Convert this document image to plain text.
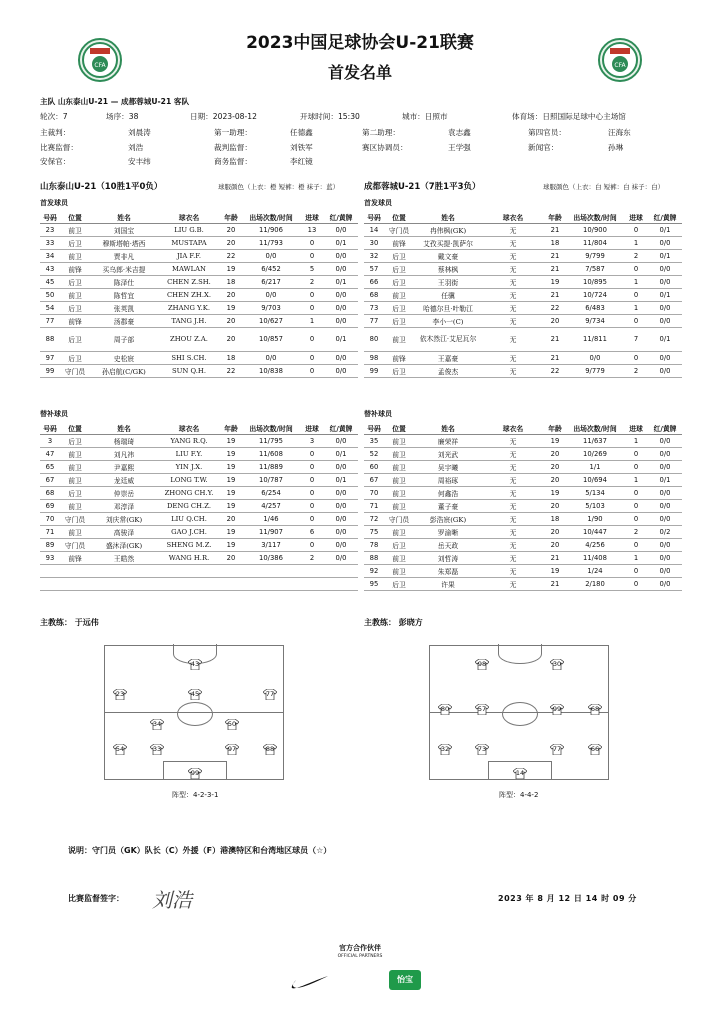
CFA	CFA
2023中国足球协会U-21联赛
首发名单
主队 山东泰山U-21 — 成都蓉城U-21 客队
轮次：7	场序：38	日期：2023-08-12	开球时间：15:30	城市：日照市	体育场：日照国际足球中心主场馆
主裁判：	刘晨涛	第一助理：	任德鑫	第二助理：	袁志鑫	第四官员：	汪海东
比赛监督：	刘浩	裁判监督：	刘铁军	赛区协调员：	王学强	新闻官：	孙琳
安保官：	安丰纬	商务监督：	李红镜
山东泰山U-21（10胜1平0负）	球服颜色（上衣：橙 短裤：橙 袜子：蓝）	成都蓉城U-21（7胜1平3负）	球服颜色（上衣：白 短裤：白 袜子：白）
首发球员	首发球员
号码	位置	姓名	球衣名	年龄	出场次数/时间	进球	红/黄牌
23	前卫	刘国宝	LIU G.B.	20	11/906	13	0/0
33	后卫	穆斯塔帕·塔西	MUSTAPA	20	11/793	0	0/1
34	前卫	贾非凡	JIA F.F.	22	0/0	0	0/0
43	前锋	买乌郎·米吉提	MAWLAN	19	6/452	5	0/0
45	后卫	陈泽仕	CHEN Z.SH.	18	6/217	2	0/1
50	前卫	陈哲宜	CHEN ZH.X.	20	0/0	0	0/0
54	后卫	张英凯	ZHANG Y.K.	19	9/703	0	0/0
77	前锋	汤郡豪	TANG J.H.	20	10/627	1	0/0
88	后卫	周子部	ZHOU Z.A.	20	10/857	0	0/1
97	后卫	史松宸	SHI S.CH.	18	0/0	0	0/0
99	守门员	孙启航(C/GK)	SUN Q.H.	22	10/838	0	0/0
号码	位置	姓名	球衣名	年龄	出场次数/时间	进球	红/黄牌
14	守门员	冉伟枫(GK)	无	21	10/900	0	0/1
30	前锋	艾孜买提·凯萨尔	无	18	11/804	1	0/0
32	后卫	戴文豪	无	21	9/799	2	0/1
57	后卫	蔡林枫	无	21	7/587	0	0/0
66	后卫	王羽街	无	19	10/895	1	0/0
68	前卫	任骥	无	21	10/724	0	0/1
73	后卫	哈德尔旦·叶勒江	无	22	6/483	1	0/0
77	后卫	李小一(C)	无	20	9/734	0	0/0
80	前卫	依木然江·艾尼瓦尔	无	21	11/811	7	0/1
98	前锋	王嘉豪	无	21	0/0	0	0/0
99	后卫	孟俊杰	无	22	9/779	2	0/0
替补球员	替补球员
号码	位置	姓名	球衣名	年龄	出场次数/时间	进球	红/黄牌
3	后卫	杨瑞琦	YANG R.Q.	19	11/795	3	0/0
47	前卫	刘凡祎	LIU F.Y.	19	11/608	0	0/1
65	前卫	尹嘉熙	YIN J.X.	19	11/889	0	0/0
67	前卫	龙廷威	LONG T.W.	19	10/787	0	0/1
68	后卫	仲崇岳	ZHONG CH.Y.	19	6/254	0	0/0
69	前卫	邓淳泽	DENG CH.Z.	19	4/257	0	0/0
70	守门员	刘庆常(GK)	LIU Q.CH.	20	1/46	0	0/0
71	前卫	高骏泽	GAO J.CH.	19	11/907	6	0/0
89	守门员	盛沐泽(GK)	SHENG M.Z.	19	3/117	0	0/0
93	前锋	王皓然	WANG H.R.	20	10/386	2	0/0

号码	位置	姓名	球衣名	年龄	出场次数/时间	进球	红/黄牌
35	前卫	廉荣祥	无	19	11/637	1	0/0
52	前卫	刘光武	无	20	10/269	0	0/0
60	前卫	吴宇曦	无	20	1/1	0	0/0
67	前卫	周裕琢	无	20	10/694	1	0/1
70	前卫	何鑫浩	无	19	5/134	0	0/0
71	前卫	董子豪	无	20	5/103	0	0/0
72	守门员	彭浩宸(GK)	无	18	1/90	0	0/0
75	前卫	罗渝晰	无	20	10/447	2	0/2
78	后卫	岳天政	无	20	4/256	0	0/0
88	前卫	刘哲涛	无	21	11/408	1	0/0
92	前卫	朱郑磊	无	19	1/24	0	0/0
95	后卫	许果	无	21	2/180	0	0/0
主教练： 于远伟	主教练： 彭晓方
43
23	45	77
34	50
54	33	97	88
99
98	30
80	57	99	68
32	73	77	66
14
阵型：4-2-3-1	阵型：4-4-2
说明：守门员（GK）队长（C）外援（F）港澳特区和台湾地区球员（☆）
比赛监督签字： 刘浩	2023 年 8 月 12 日 14 时 09 分
官方合作伙伴
OFFICIAL PARTNERS
怡宝
